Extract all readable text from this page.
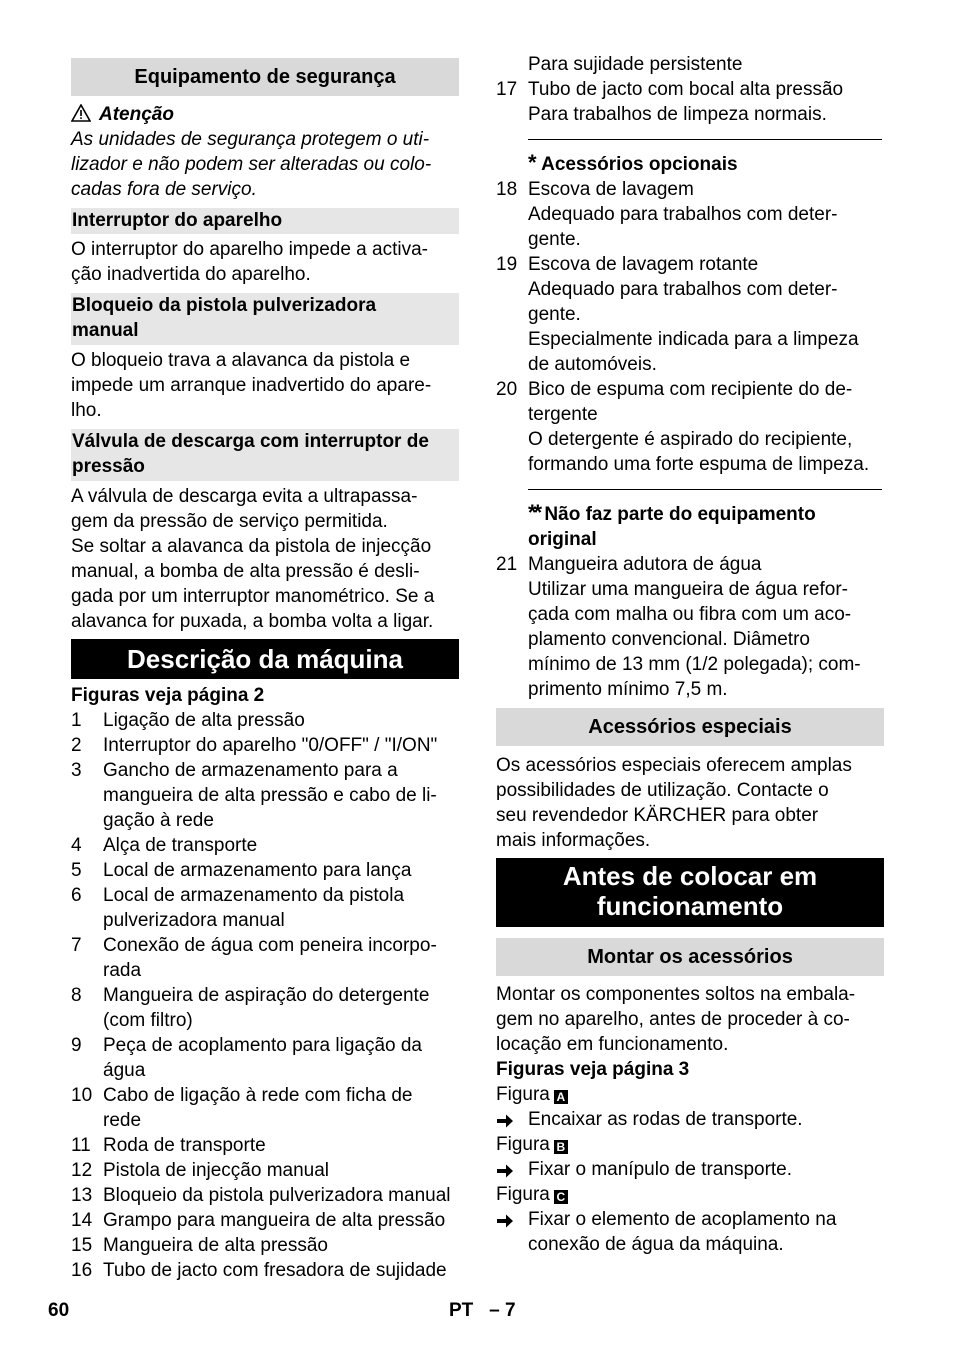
Equipamento de segurança
Atenção
As unidades de segurança protegem o uti-
lizador e não podem ser alteradas ou colo-
cadas fora de serviço.
Interruptor do aparelho
O interruptor do aparelho impede a activa-
ção inadvertida do aparelho.
Bloqueio da pistola pulverizadora
manual
O bloqueio trava a alavanca da pistola e
impede um arranque inadvertido do apare-
lho.
Válvula de descarga com interruptor de
pressão
A válvula de descarga evita a ultrapassa-
gem da pressão de serviço permitida.
Se soltar a alavanca da pistola de injecção
manual, a bomba de alta pressão é desli-
gada por um interruptor manométrico. Se a
alavanca for puxada, a bomba volta a ligar.
Descrição da máquina
Figuras veja página 2
1	Ligação de alta pressão
2	Interruptor do aparelho "0/OFF" / "I/ON"
3	Gancho de armazenamento para a
mangueira de alta pressão e cabo de li-
gação à rede
4	Alça de transporte
5	Local de armazenamento para lança
6	Local de armazenamento da pistola
pulverizadora manual
7	Conexão de água com peneira incorpo-
rada
8	Mangueira de aspiração do detergente
(com filtro)
9	Peça de acoplamento para ligação da
água
10 Cabo de ligação à rede com ficha de
rede
11 Roda de transporte
12 Pistola de injecção manual
13 Bloqueio da pistola pulverizadora manual
14 Grampo para mangueira de alta pressão
15 Mangueira de alta pressão
16 Tubo de jacto com fresadora de sujidade
Para sujidade persistente
17 Tubo de jacto com bocal alta pressão
Para trabalhos de limpeza normais.
* Acessórios opcionais
18 Escova de lavagem
Adequado para trabalhos com deter-
gente.
19 Escova de lavagem rotante
Adequado para trabalhos com deter-
gente.
Especialmente indicada para a limpeza
de automóveis.
20 Bico de espuma com recipiente do de-
tergente
O detergente é aspirado do recipiente,
formando uma forte espuma de limpeza.
** Não faz parte do equipamento
original
21 Mangueira adutora de água
Utilizar uma mangueira de água refor-
çada com malha ou fibra com um aco-
plamento convencional. Diâmetro
mínimo de 13 mm (1/2 polegada); com-
primento mínimo 7,5 m.
Acessórios especiais
Os acessórios especiais oferecem amplas
possibilidades de utilização. Contacte o
seu revendedor KÄRCHER para obter
mais informações.
Antes de colocar em
funcionamento
Montar os acessórios
Montar os componentes soltos na embala-
gem no aparelho, antes de proceder à co-
locação em funcionamento.
Figuras veja página 3
Figura A
Encaixar as rodas de transporte.
Figura B
Fixar o manípulo de transporte.
Figura C
Fixar o elemento de acoplamento na
conexão de água da máquina.
60	PT   – 7
